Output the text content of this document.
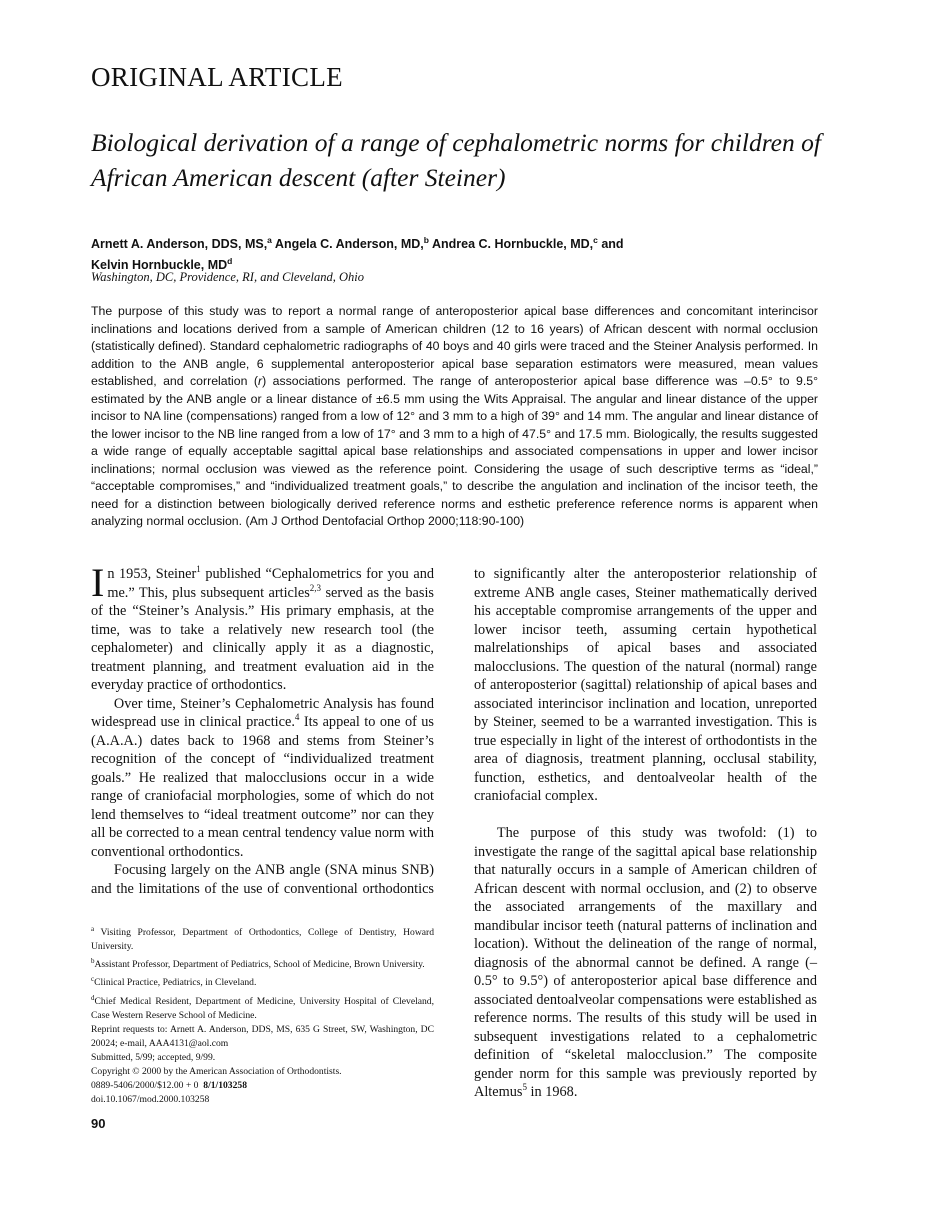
ORIGINAL ARTICLE
Biological derivation of a range of cephalometric norms for children of African American descent (after Steiner)
Arnett A. Anderson, DDS, MS,$^a$ Angela C. Anderson, MD,$^b$ Andrea C. Hornbuckle, MD,$^c$ and
Kelvin Hornbuckle, $MD^d$
Washington, DC, Providence, RI, and Cleveland, Ohio
The purpose of this study was to report a normal range of anteroposterior apical base differences and concomitant interincisor inclinations and locations derived from a sample of American children (12 to 16 years) of African descent with normal occlusion (statistically defined). Standard cephalometric radiographs of 40 boys and 40 girls were traced and the Steiner Analysis performed. In addition to the ANB angle, 6 supplemental anteroposterior apical base separation estimators were measured, mean values established, and correlation (r) associations performed. The range of anteroposterior apical base difference was –0.5° to 9.5° estimated by the ANB angle or a linear distance of ±6.5 mm using the Wits Appraisal. The angular and linear distance of the upper incisor to NA line (compensations) ranged from a low of 12° and 3 mm to a high of 39° and 14 mm. The angular and linear distance of the lower incisor to the NB line ranged from a low of 17° and 3 mm to a high of 47.5° and 17.5 mm. Biologically, the results suggested a wide range of equally acceptable sagittal apical base relationships and associated compensations in upper and lower incisor inclinations; normal occlusion was viewed as the reference point. Considering the usage of such descriptive terms as “ideal,” “acceptable compromises,” and “individualized treatment goals,” to describe the angulation and inclination of the incisor teeth, the need for a distinction between biologically derived reference norms and esthetic preference reference norms is apparent when analyzing normal occlusion. (Am J Orthod Dentofacial Orthop 2000;118:90-100)

In 1953, Steiner$^1$ published “Cephalometrics for you and me.” This, plus subsequent articles$^{2,3}$ served as the basis of the “Steiner’s Analysis.” His primary emphasis, at the time, was to take a relatively new research tool (the cephalometer) and clinically apply it as a diagnostic, treatment planning, and treatment evaluation aid in the everyday practice of orthodontics.

Over time, Steiner’s Cephalometric Analysis has found widespread use in clinical practice.$^4$ Its appeal to one of us (A.A.A.) dates back to 1968 and stems from Steiner’s recognition of the concept of “individualized treatment goals.” He realized that malocclusions occur in a wide range of craniofacial morphologies, some of which do not lend themselves to “ideal treatment outcome” nor can they all be corrected to a mean central tendency value norm with conventional orthodontics.

Focusing largely on the ANB angle (SNA minus SNB) and the limitations of the use of conventional orthodontics

to significantly alter the anteroposterior relationship of extreme ANB angle cases, Steiner mathematically derived his acceptable compromise arrangements of the upper and lower incisor teeth, assuming certain hypothetical malrelationships of apical bases and associated malocclusions. The question of the natural (normal) range of anteroposterior (sagittal) relationship of apical bases and associated interincisor inclination and location, unreported by Steiner, seemed to be a warranted investigation. This is true especially in light of the interest of orthodontists in the area of diagnosis, treatment planning, occlusal stability, function, esthetics, and dentoalveolar health of the craniofacial complex.

The purpose of this study was twofold: (1) to investigate the range of the sagittal apical base relationship that naturally occurs in a sample of American children of African descent with normal occlusion, and (2) to observe the associated arrangements of the maxillary and mandibular incisor teeth (natural patterns of inclination and location). Without the delineation of the range of normal, diagnosis of the abnormal cannot be defined. A range (–0.5° to 9.5°) of anteroposterior apical base difference and associated dentoalveolar compensations were established as reference norms. The results of this study will be used in subsequent investigations related to a cephalometric definition of “skeletal malocclusion.” The composite gender norm for this sample was previously reported by Altemus$^5$ in 1968.

$^a$ Visiting Professor, Department of Orthodontics, College of Dentistry, Howard University.
$^b$Assistant Professor, Department of Pediatrics, School of Medicine, Brown University.
$^c$Clinical Practice, Pediatrics, in Cleveland.
$^d$Chief Medical Resident, Department of Medicine, University Hospital of Cleveland, Case Western Reserve School of Medicine.
Reprint requests to: Arnett A. Anderson, DDS, MS, 635 G Street, SW, Washington, DC 20024; e-mail, AAA4131@aol.com
Submitted, 5/99; accepted, 9/99.
Copyright © 2000 by the American Association of Orthodontists.
0889-5406/2000/$12.00 + 0  8/1/103258
doi.10.1067/mod.2000.103258
90
